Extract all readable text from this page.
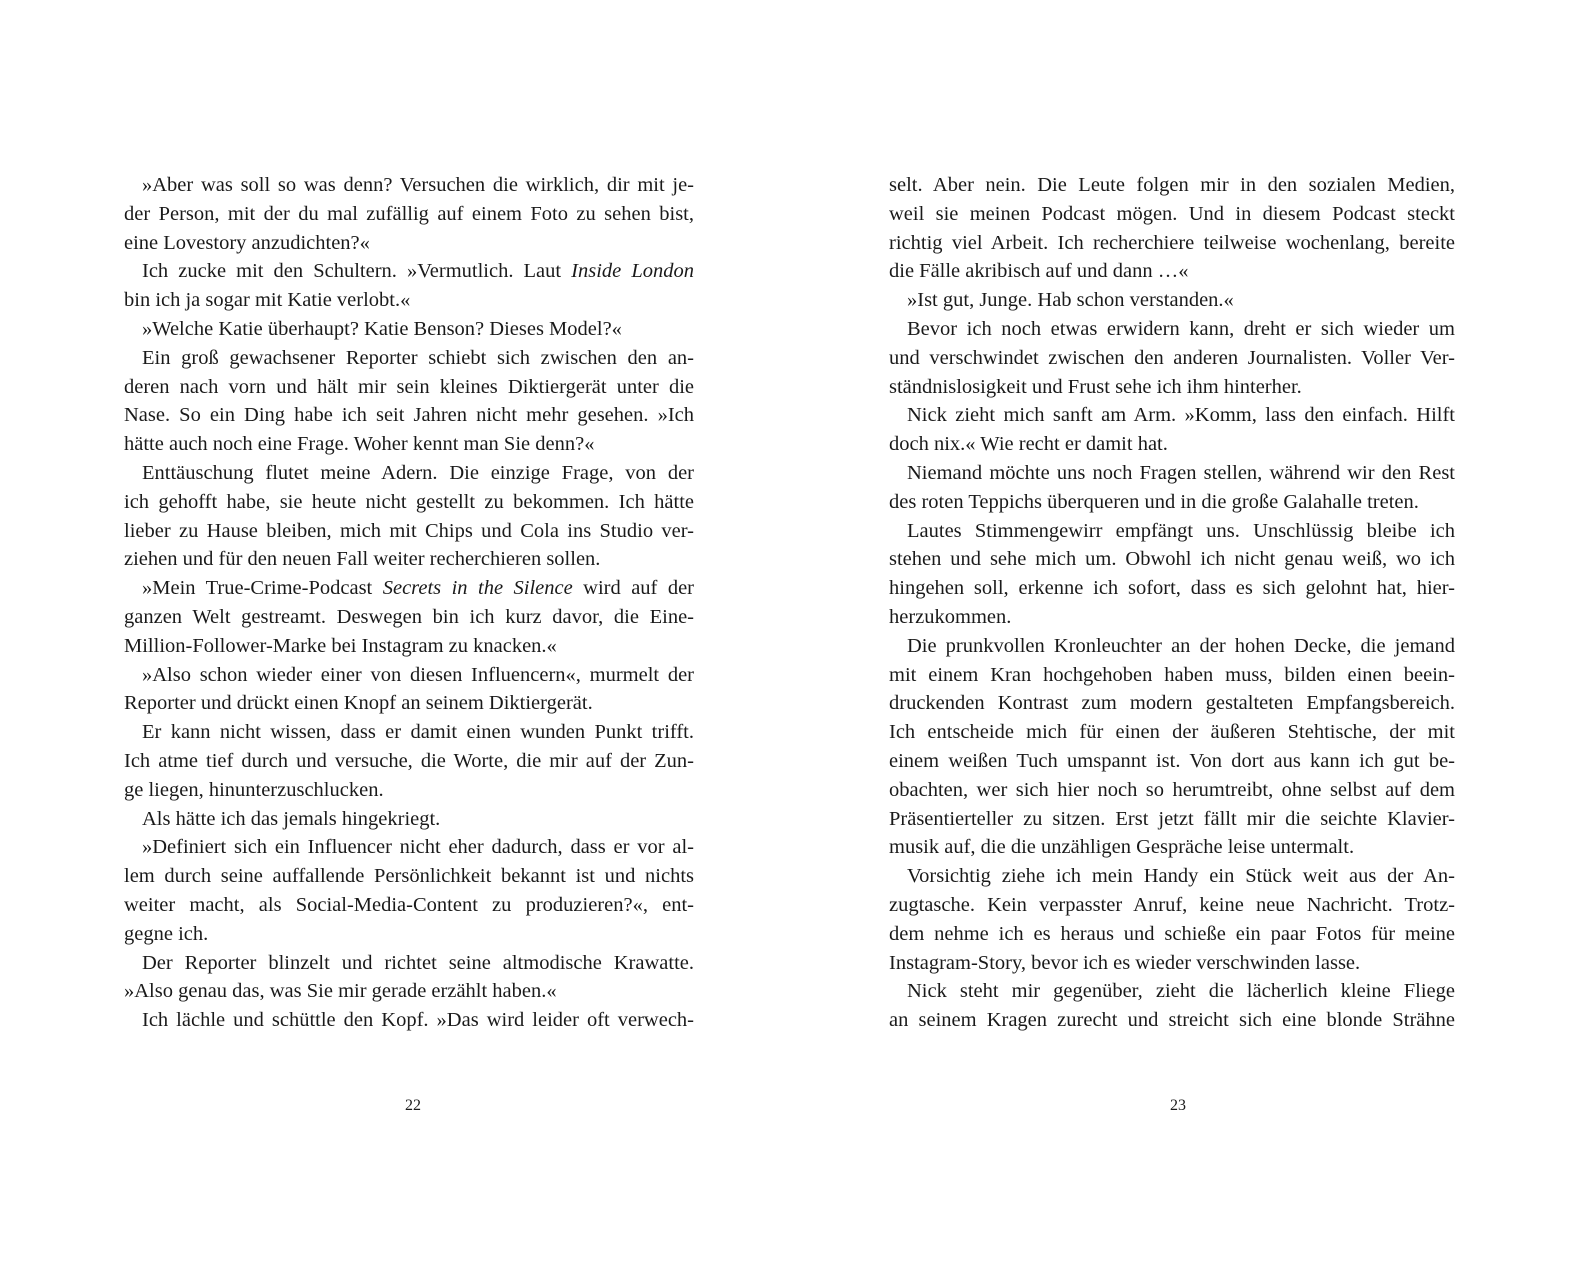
»Aber was soll so was denn? Versuchen die wirklich, dir mit je-
der Person, mit der du mal zufällig auf einem Foto zu sehen bist,
eine Lovestory anzudichten?«
Ich zucke mit den Schultern. »Vermutlich. Laut Inside London
bin ich ja sogar mit Katie verlobt.«
»Welche Katie überhaupt? Katie Benson? Dieses Model?«
Ein groß gewachsener Reporter schiebt sich zwischen den an-
deren nach vorn und hält mir sein kleines Diktiergerät unter die
Nase. So ein Ding habe ich seit Jahren nicht mehr gesehen. »Ich
hätte auch noch eine Frage. Woher kennt man Sie denn?«
Enttäuschung flutet meine Adern. Die einzige Frage, von der
ich gehofft habe, sie heute nicht gestellt zu bekommen. Ich hätte
lieber zu Hause bleiben, mich mit Chips und Cola ins Studio ver-
ziehen und für den neuen Fall weiter recherchieren sollen.
»Mein True-Crime-Podcast Secrets in the Silence wird auf der
ganzen Welt gestreamt. Deswegen bin ich kurz davor, die Eine-
Million-Follower-Marke bei Instagram zu knacken.«
»Also schon wieder einer von diesen Influencern«, murmelt der
Reporter und drückt einen Knopf an seinem Diktiergerät.
Er kann nicht wissen, dass er damit einen wunden Punkt trifft.
Ich atme tief durch und versuche, die Worte, die mir auf der Zun-
ge liegen, hinunterzuschlucken.
Als hätte ich das jemals hingekriegt.
»Definiert sich ein Influencer nicht eher dadurch, dass er vor al-
lem durch seine auffallende Persönlichkeit bekannt ist und nichts
weiter macht, als Social-Media-Content zu produzieren?«, ent-
gegne ich.
Der Reporter blinzelt und richtet seine altmodische Krawatte.
»Also genau das, was Sie mir gerade erzählt haben.«
Ich lächle und schüttle den Kopf. »Das wird leider oft verwech-
22
selt. Aber nein. Die Leute folgen mir in den sozialen Medien,
weil sie meinen Podcast mögen. Und in diesem Podcast steckt
richtig viel Arbeit. Ich recherchiere teilweise wochenlang, bereite
die Fälle akribisch auf und dann …«
»Ist gut, Junge. Hab schon verstanden.«
Bevor ich noch etwas erwidern kann, dreht er sich wieder um
und verschwindet zwischen den anderen Journalisten. Voller Ver-
ständnislosigkeit und Frust sehe ich ihm hinterher.
Nick zieht mich sanft am Arm. »Komm, lass den einfach. Hilft
doch nix.« Wie recht er damit hat.
Niemand möchte uns noch Fragen stellen, während wir den Rest
des roten Teppichs überqueren und in die große Galahalle treten.
Lautes Stimmengewirr empfängt uns. Unschlüssig bleibe ich
stehen und sehe mich um. Obwohl ich nicht genau weiß, wo ich
hingehen soll, erkenne ich sofort, dass es sich gelohnt hat, hier-
herzukommen.
Die prunkvollen Kronleuchter an der hohen Decke, die jemand
mit einem Kran hochgehoben haben muss, bilden einen beein-
druckenden Kontrast zum modern gestalteten Empfangsbereich.
Ich entscheide mich für einen der äußeren Stehtische, der mit
einem weißen Tuch umspannt ist. Von dort aus kann ich gut be-
obachten, wer sich hier noch so herumtreibt, ohne selbst auf dem
Präsentierteller zu sitzen. Erst jetzt fällt mir die seichte Klavier-
musik auf, die die unzähligen Gespräche leise untermalt.
Vorsichtig ziehe ich mein Handy ein Stück weit aus der An-
zugtasche. Kein verpasster Anruf, keine neue Nachricht. Trotz-
dem nehme ich es heraus und schieße ein paar Fotos für meine
Instagram-Story, bevor ich es wieder verschwinden lasse.
Nick steht mir gegenüber, zieht die lächerlich kleine Fliege
an seinem Kragen zurecht und streicht sich eine blonde Strähne
23
